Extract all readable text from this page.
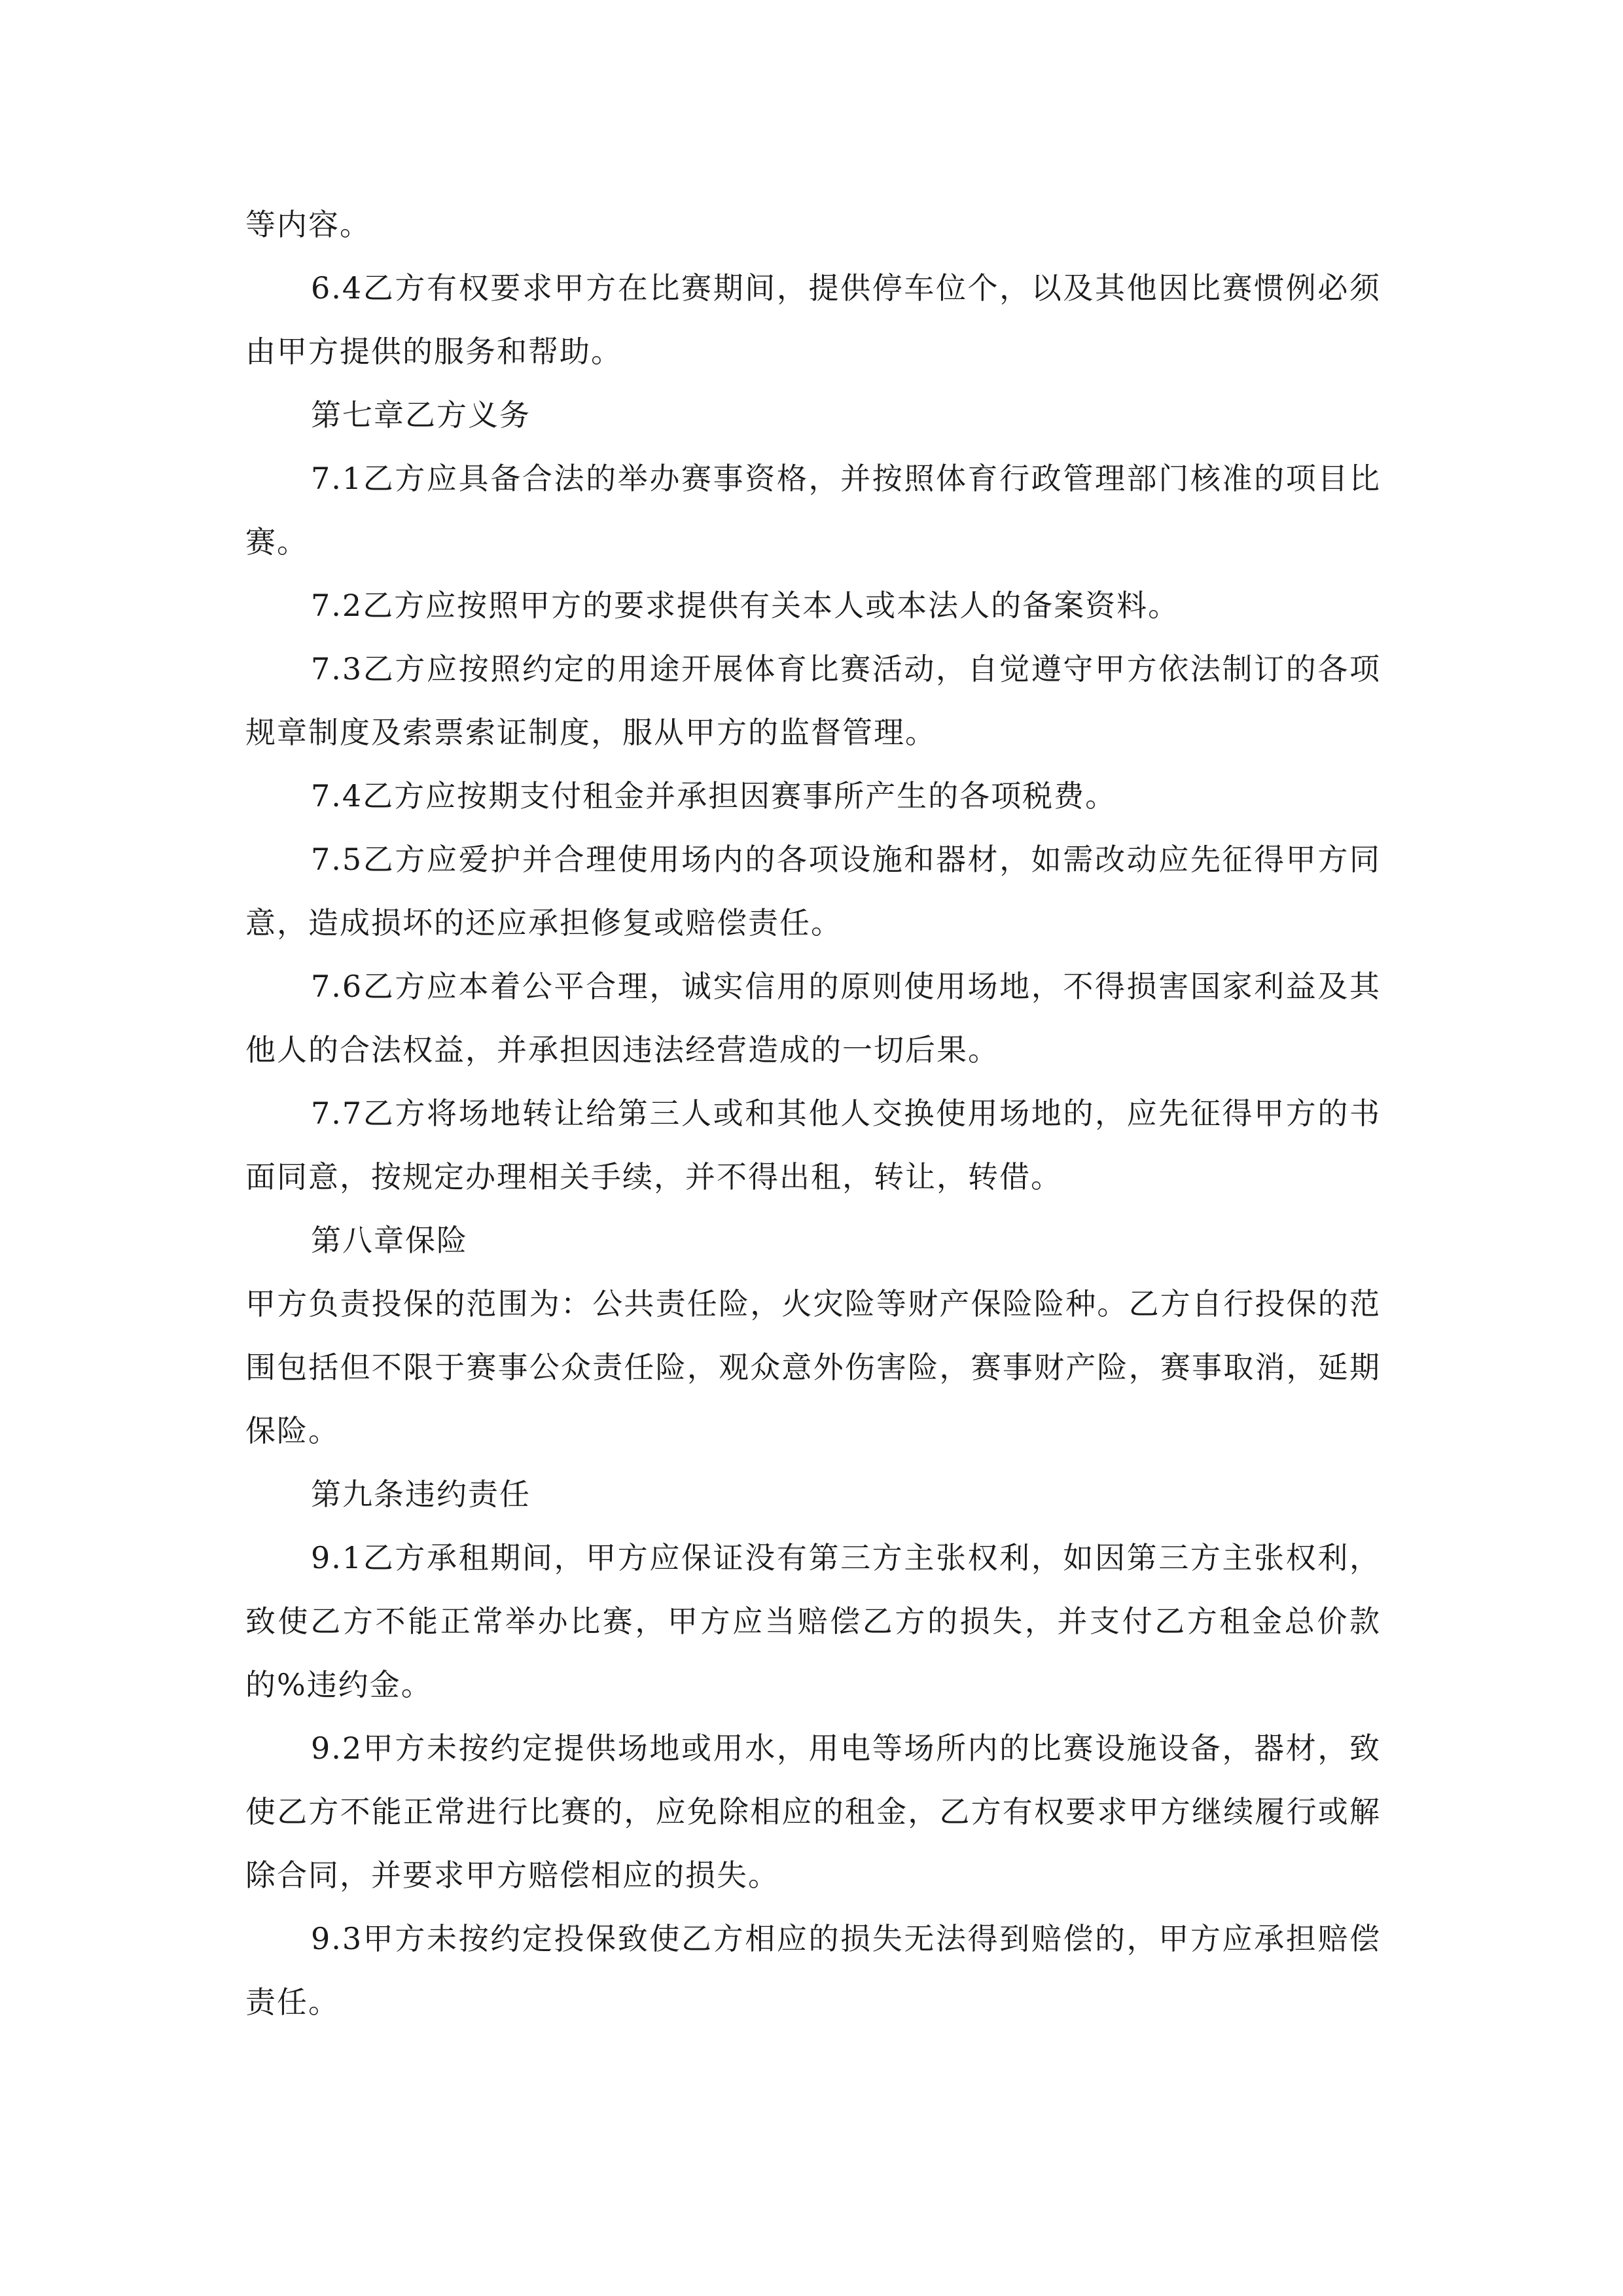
等内容。

6.4乙方有权要求甲方在比赛期间，提供停车位个，以及其他因比赛惯例必须由甲方提供的服务和帮助。

第七章乙方义务

7.1乙方应具备合法的举办赛事资格，并按照体育行政管理部门核准的项目比赛。

7.2乙方应按照甲方的要求提供有关本人或本法人的备案资料。

7.3乙方应按照约定的用途开展体育比赛活动，自觉遵守甲方依法制订的各项规章制度及索票索证制度，服从甲方的监督管理。

7.4乙方应按期支付租金并承担因赛事所产生的各项税费。

7.5乙方应爱护并合理使用场内的各项设施和器材，如需改动应先征得甲方同意，造成损坏的还应承担修复或赔偿责任。

7.6乙方应本着公平合理，诚实信用的原则使用场地，不得损害国家利益及其他人的合法权益，并承担因违法经营造成的一切后果。

7.7乙方将场地转让给第三人或和其他人交换使用场地的，应先征得甲方的书面同意，按规定办理相关手续，并不得出租，转让，转借。

第八章保险

甲方负责投保的范围为：公共责任险，火灾险等财产保险险种。乙方自行投保的范围包括但不限于赛事公众责任险，观众意外伤害险，赛事财产险，赛事取消，延期保险。

第九条违约责任

9.1乙方承租期间，甲方应保证没有第三方主张权利，如因第三方主张权利，致使乙方不能正常举办比赛，甲方应当赔偿乙方的损失，并支付乙方租金总价款的%违约金。

9.2甲方未按约定提供场地或用水，用电等场所内的比赛设施设备，器材，致使乙方不能正常进行比赛的，应免除相应的租金，乙方有权要求甲方继续履行或解除合同，并要求甲方赔偿相应的损失。

9.3甲方未按约定投保致使乙方相应的损失无法得到赔偿的，甲方应承担赔偿责任。
